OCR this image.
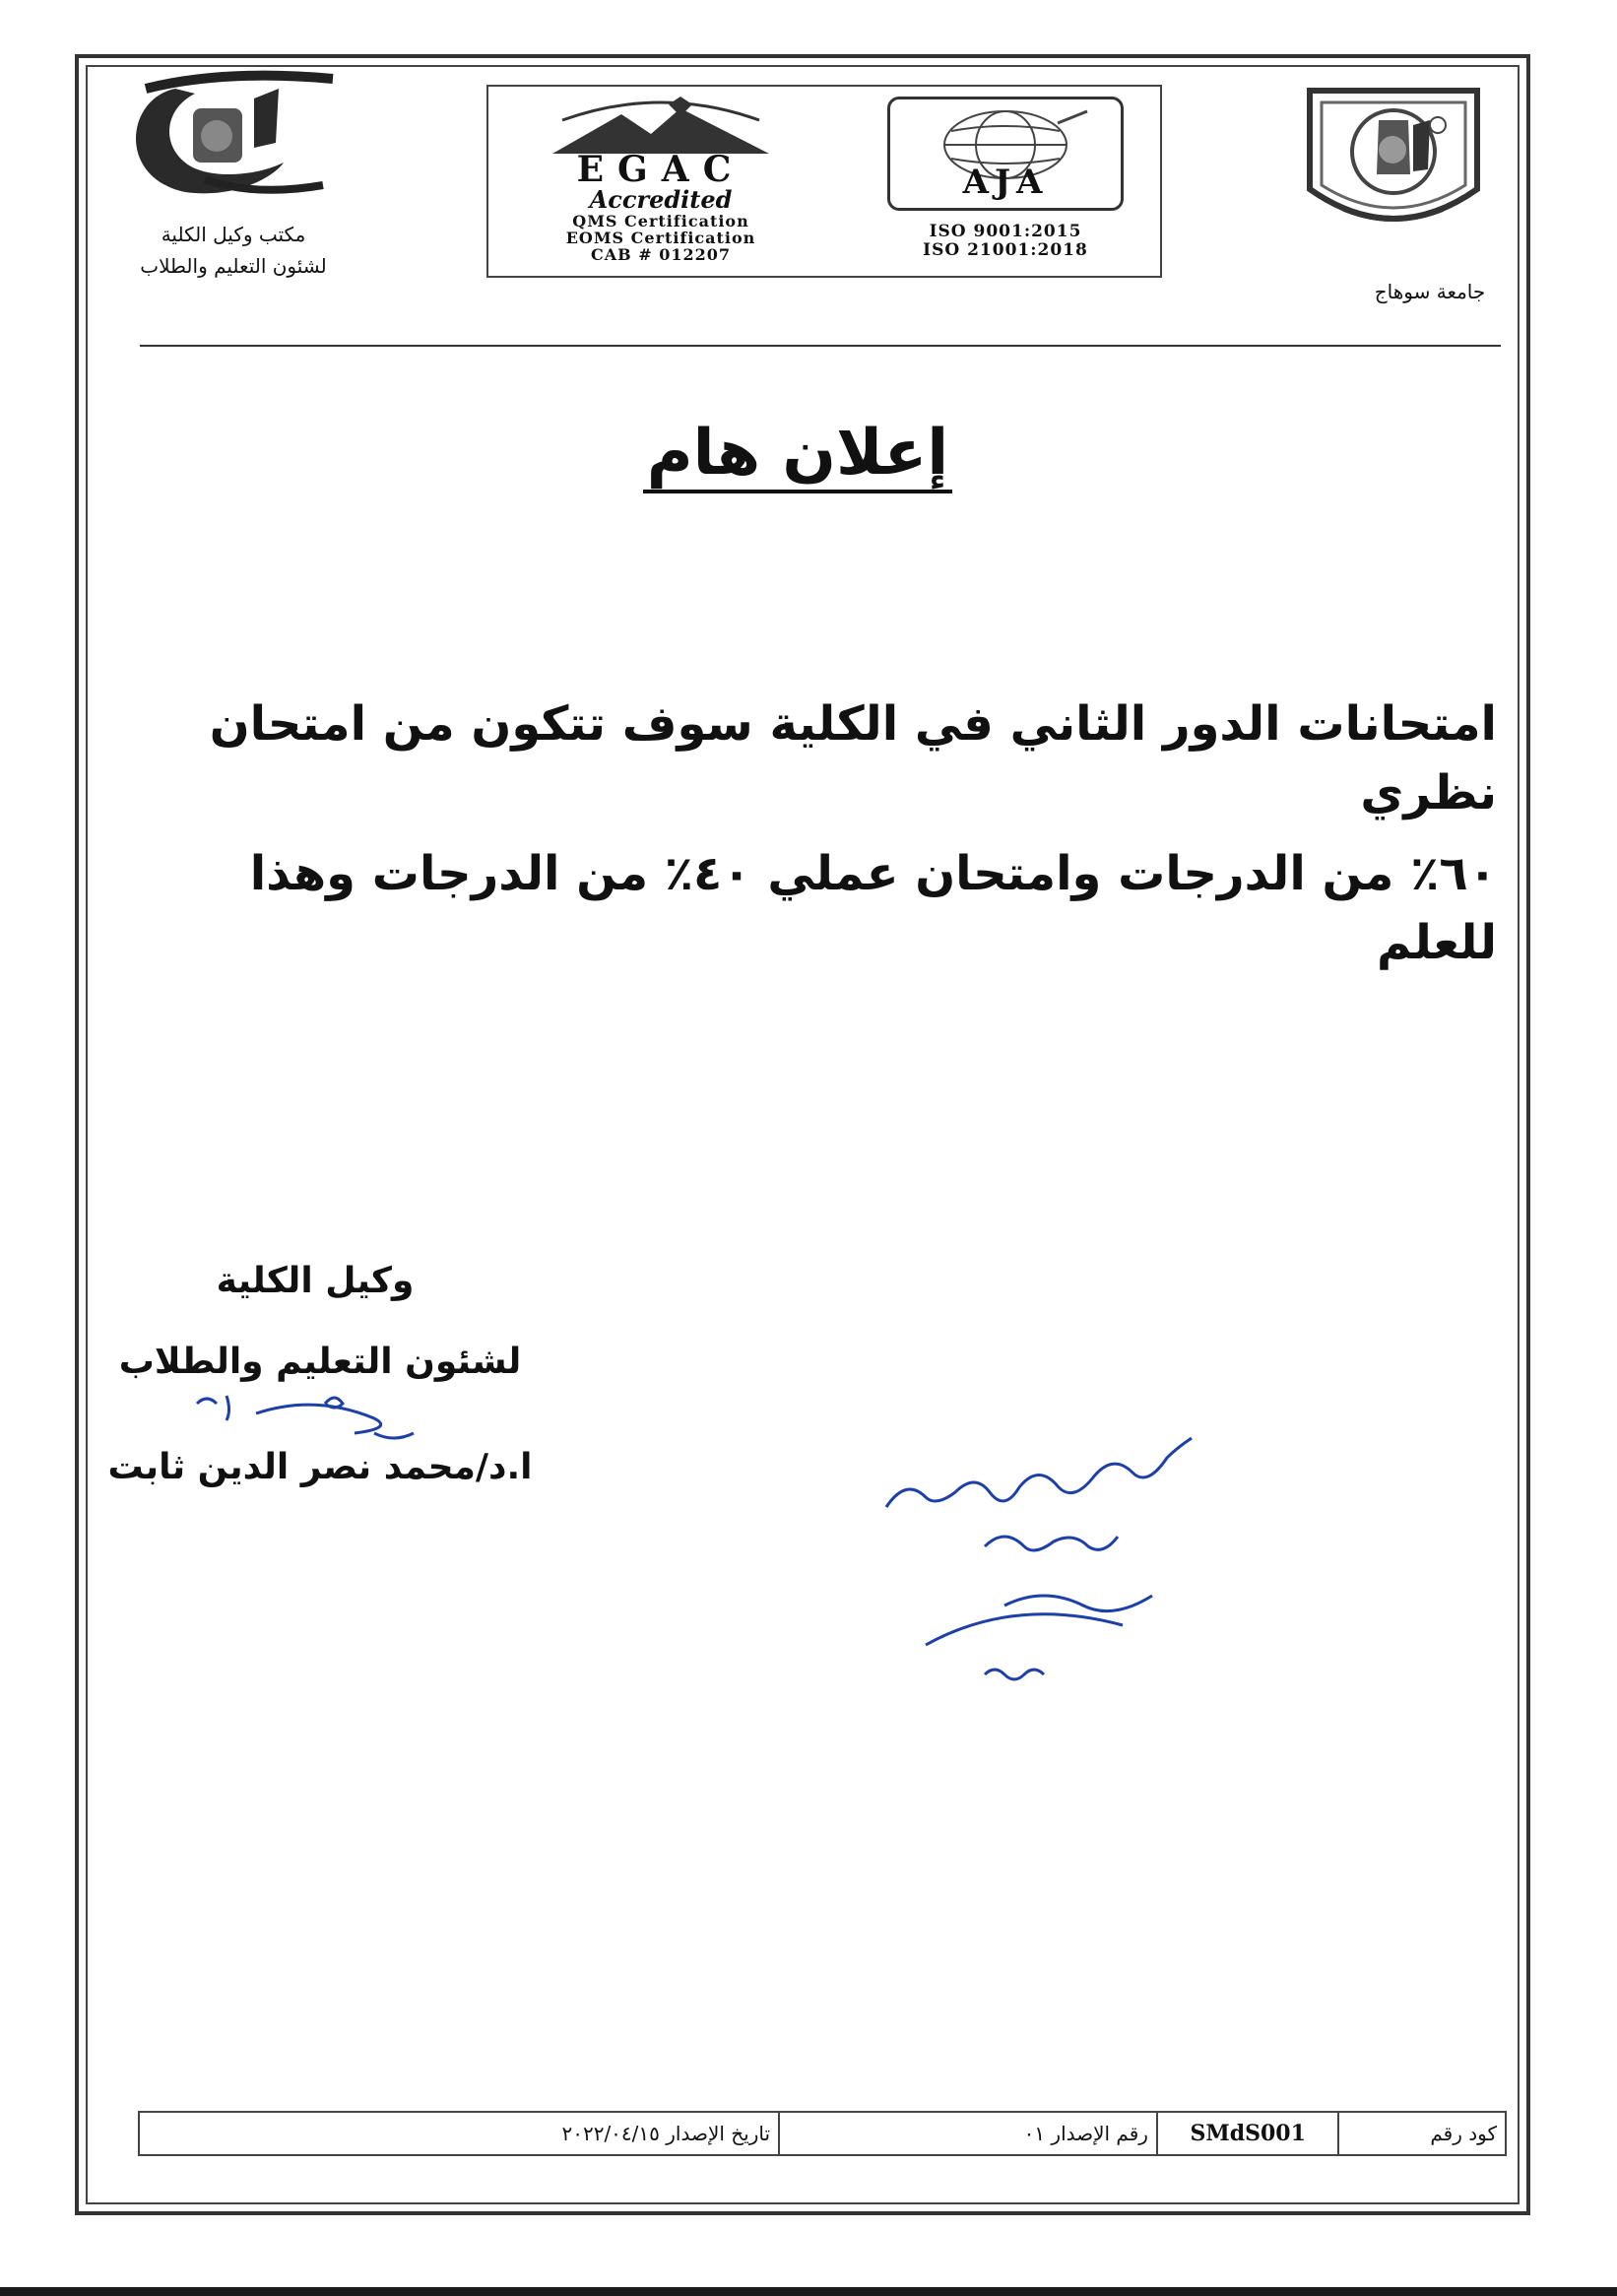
مكتب وكيل الكلية
لشئون التعليم والطلاب
EGAC
Accredited
QMS Certification
EOMS Certification
CAB # 012207
AJA
ISO 9001:2015
ISO 21001:2018
جامعة سوهاج
إعلان هام
امتحانات الدور الثاني في الكلية سوف تتكون من امتحان نظري
٦٠٪ من الدرجات وامتحان عملي ٤٠٪ من الدرجات وهذا للعلم
وكيل الكلية
لشئون التعليم والطلاب
ا.د/محمد نصر الدين ثابت
كود رقم
SMdS001
رقم الإصدار ٠١
تاريخ الإصدار ٢٠٢٢/٠٤/١٥
